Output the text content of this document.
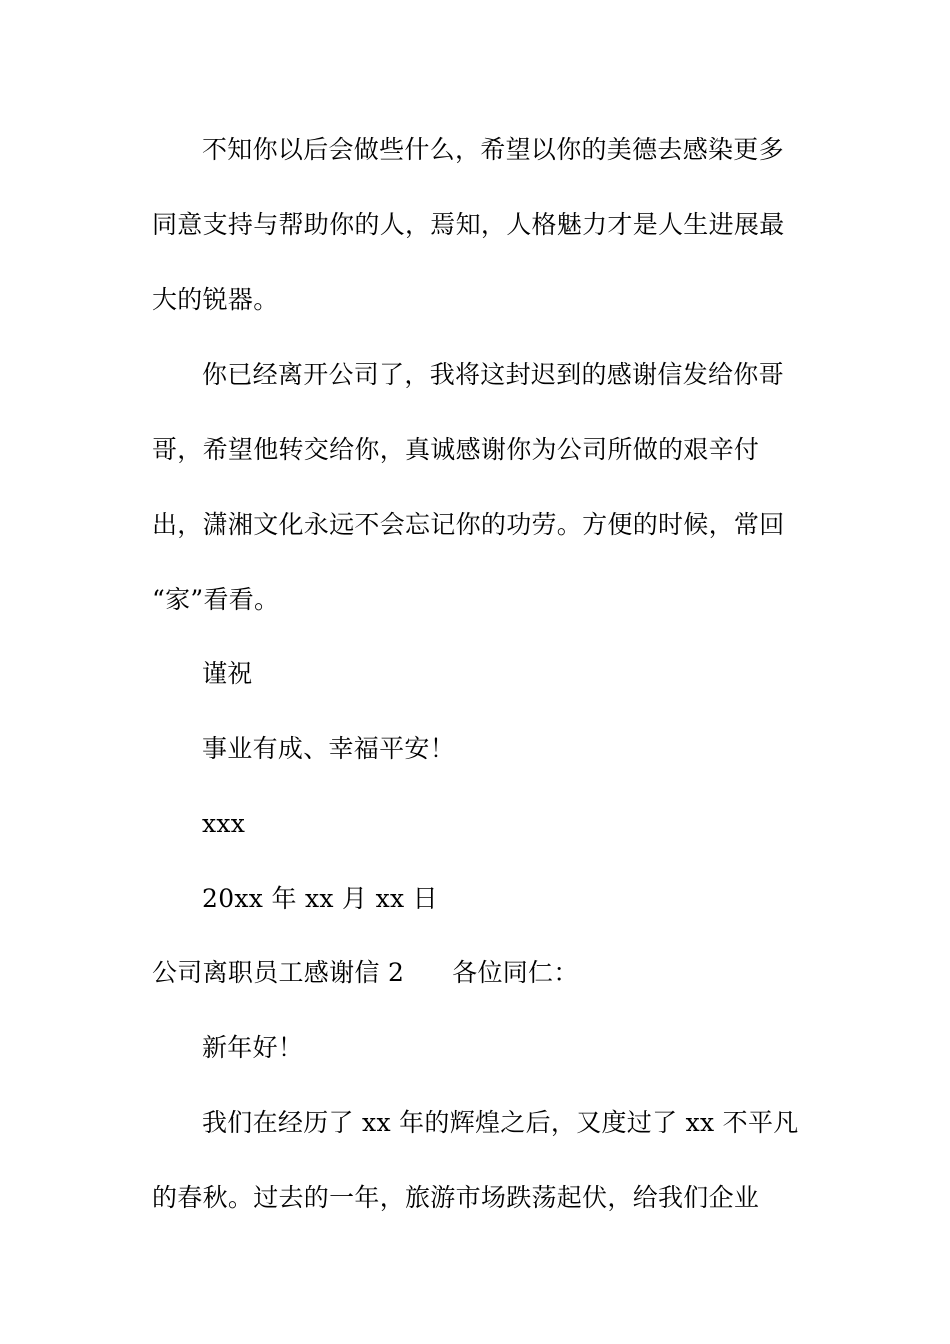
不知你以后会做些什么，希望以你的美德去感染更多
同意支持与帮助你的人，焉知，人格魅力才是人生进展最
大的锐器。
你已经离开公司了，我将这封迟到的感谢信发给你哥
哥，希望他转交给你，真诚感谢你为公司所做的艰辛付
出，潇湘文化永远不会忘记你的功劳。方便的时候，常回
“家”看看。
谨祝
事业有成、幸福平安！
xxx
20xx 年 xx 月 xx 日
公司离职员工感谢信 2 各位同仁：
新年好！
我们在经历了 xx 年的辉煌之后，又度过了 xx 不平凡
的春秋。过去的一年，旅游市场跌荡起伏，给我们企业
